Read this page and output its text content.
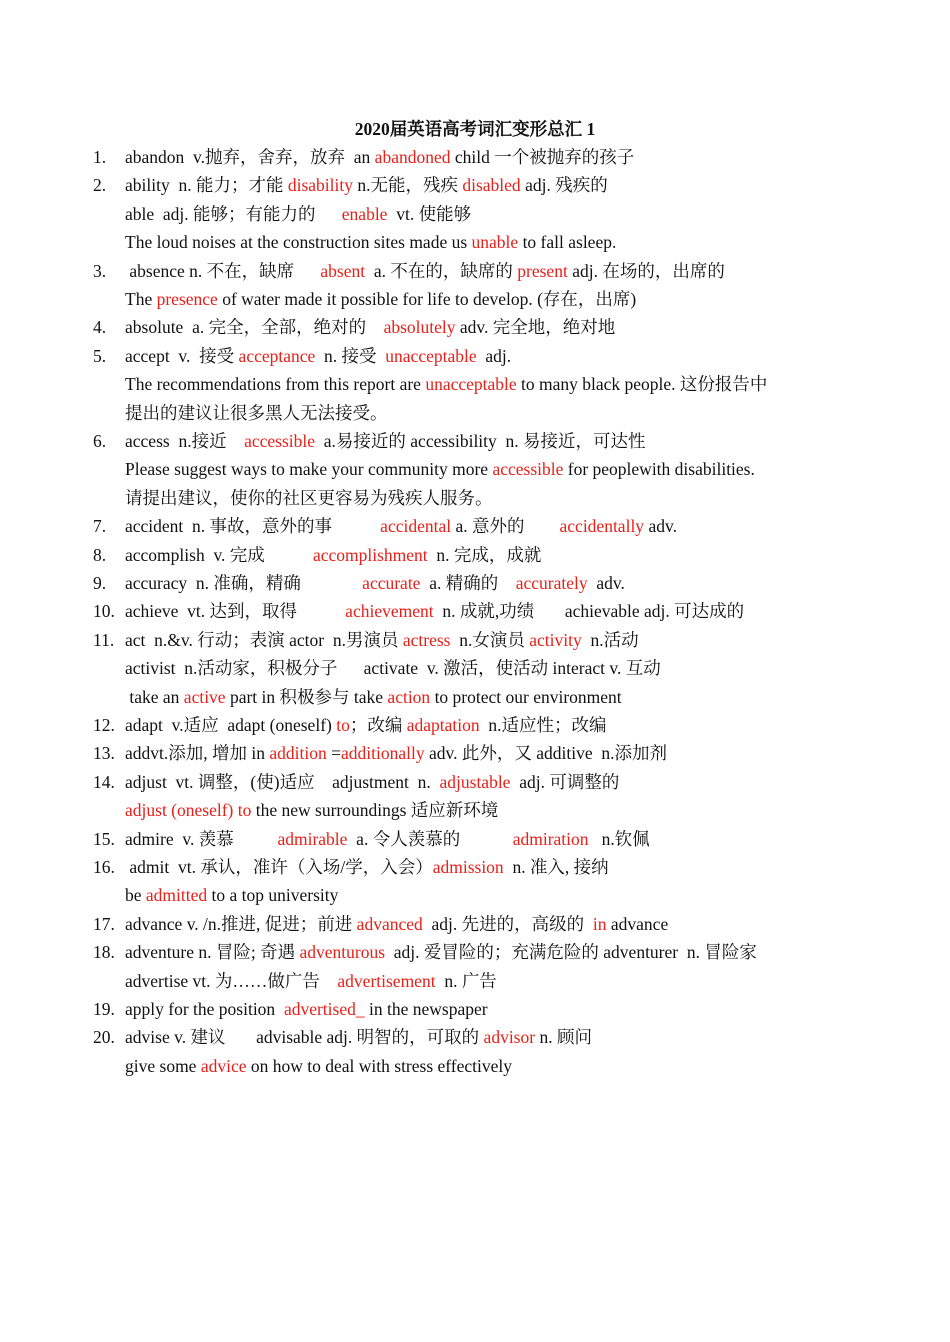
2020届英语高考词汇变形总汇 1
1. abandon  v.抛弃，舍弃，放弃  an abandoned child 一个被抛弃的孩子
2. ability  n. 能力；才能 disability n.无能，残疾 disabled adj. 残疾的
able  adj. 能够；有能力的      enable  vt. 使能够
The loud noises at the construction sites made us unable to fall asleep.
3. absence n. 不在，缺席      absent  a. 不在的，缺席的 present adj. 在场的，出席的
The presence of water made it possible for life to develop. (存在，出席)
4. absolute  a. 完全，全部，绝对的    absolutely adv. 完全地，绝对地
5. accept  v.  接受 acceptance  n. 接受  unacceptable  adj.
The recommendations from this report are unacceptable to many black people. 这份报告中
提出的建议让很多黑人无法接受。
6. access  n.接近    accessible  a.易接近的 accessibility  n. 易接近，可达性
Please suggest ways to make your community more accessible for peoplewith disabilities.
请提出建议，使你的社区更容易为残疾人服务。
7. accident  n. 事故，意外的事           accidental a. 意外的        accidentally adv.
8. accomplish  v. 完成           accomplishment  n. 完成，成就
9. accuracy  n. 准确，精确              accurate  a. 精确的    accurately  adv.
10. achieve  vt. 达到，取得           achievement  n. 成就,功绩       achievable adj. 可达成的
11. act  n.&v. 行动；表演 actor  n.男演员 actress  n.女演员 activity  n.活动
activist  n.活动家，积极分子      activate  v. 激活，使活动 interact v. 互动
take an active part in 积极参与 take action to protect our environment
12. adapt  v.适应  adapt (oneself) to；改编 adaptation  n.适应性；改编
13. addvt.添加, 增加 in addition =additionally adv. 此外，又 additive  n.添加剂
14. adjust  vt. 调整，(使)适应    adjustment  n.  adjustable  adj. 可调整的
adjust (oneself) to the new surroundings 适应新环境
15. admire  v. 羡慕          admirable  a. 令人羡慕的            admiration   n.钦佩
16. admit  vt. 承认，准许（入场/学，入会）admission  n. 准入, 接纳
be admitted to a top university
17. advance v. /n.推进, 促进；前进 advanced  adj. 先进的，高级的  in advance
18. adventure n. 冒险; 奇遇 adventurous  adj. 爱冒险的；充满危险的 adventurer  n. 冒险家
advertise vt. 为……做广告    advertisement  n. 广告
19. apply for the position  advertised_ in the newspaper
20. advise v. 建议       advisable adj. 明智的，可取的 advisor n. 顾问
give some advice on how to deal with stress effectively
